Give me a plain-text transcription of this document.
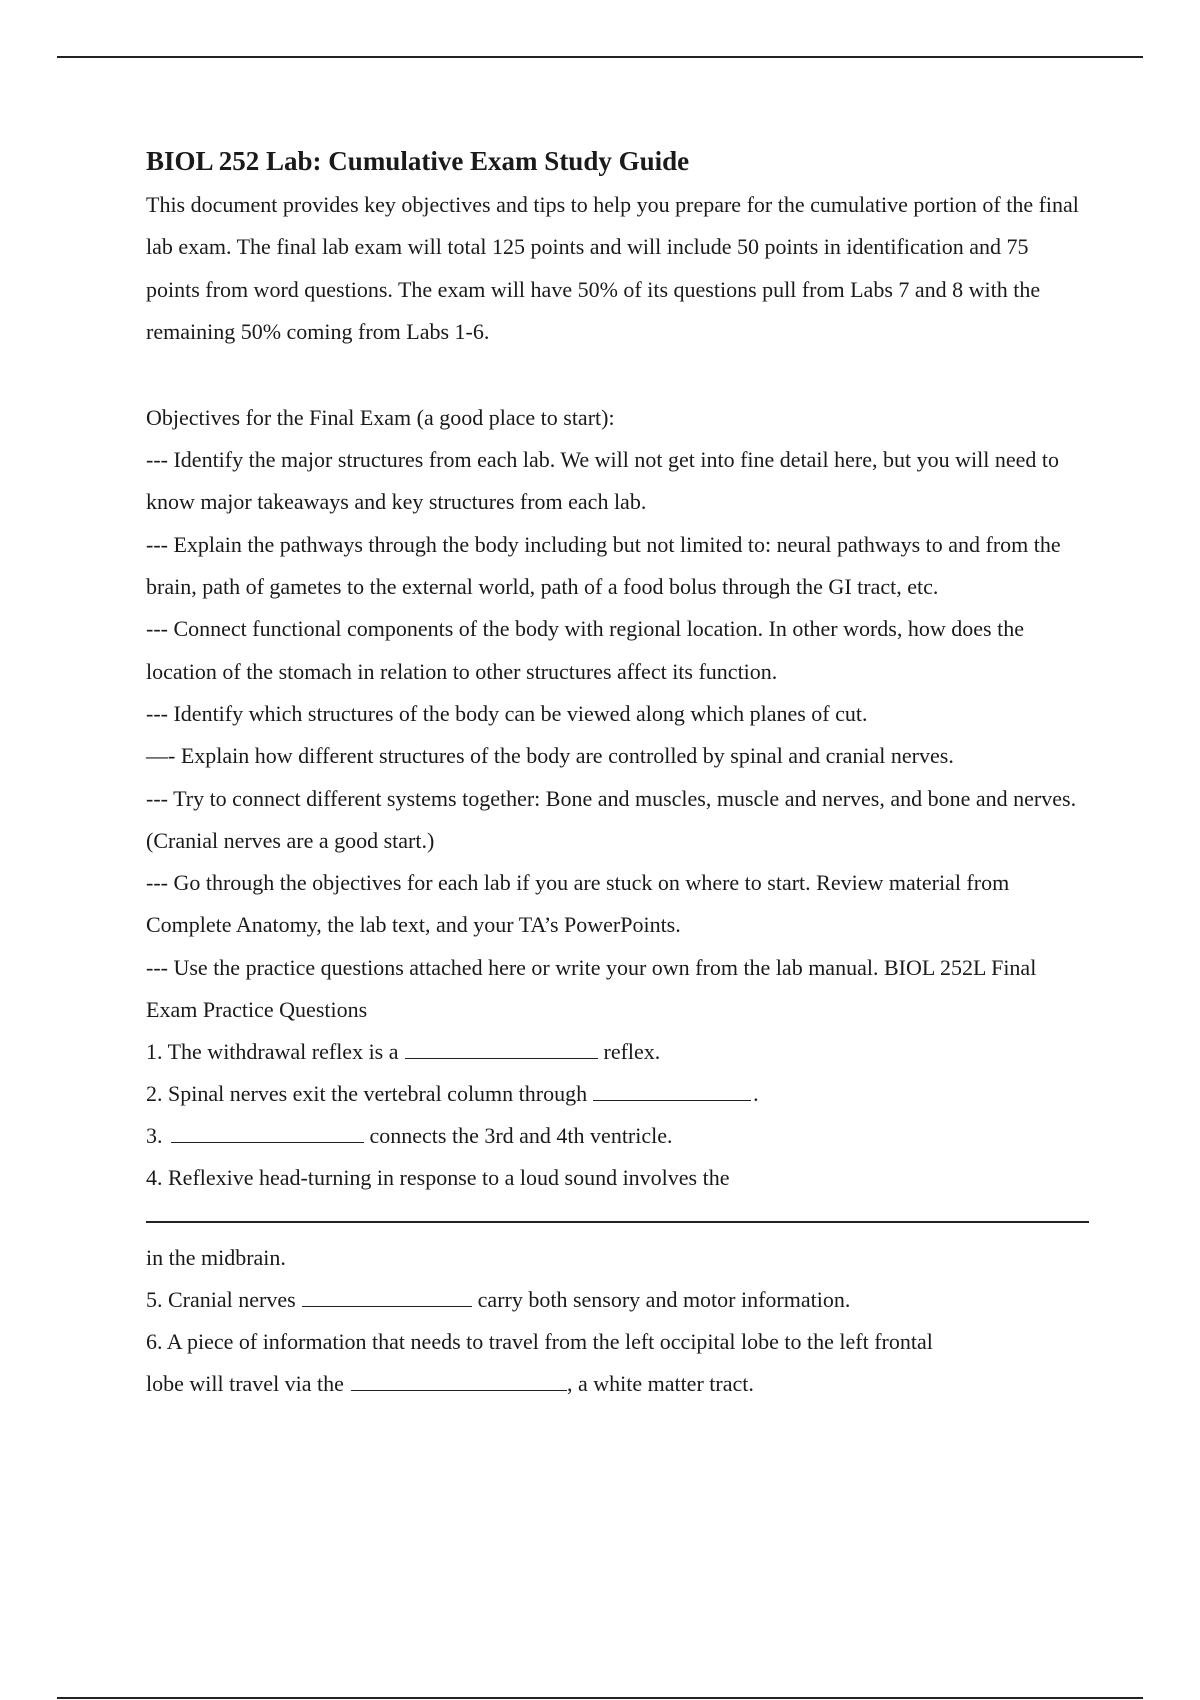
BIOL 252 Lab: Cumulative Exam Study Guide

This document provides key objectives and tips to help you prepare for the cumulative portion of the final lab exam. The final lab exam will total 125 points and will include 50 points in identification and 75 points from word questions. The exam will have 50% of its questions pull from Labs 7 and 8 with the remaining 50% coming from Labs 1-6.

Objectives for the Final Exam (a good place to start):

--- Identify the major structures from each lab. We will not get into fine detail here, but you will need to know major takeaways and key structures from each lab.

--- Explain the pathways through the body including but not limited to: neural pathways to and from the brain, path of gametes to the external world, path of a food bolus through the GI tract, etc.

--- Connect functional components of the body with regional location. In other words, how does the location of the stomach in relation to other structures affect its function.

--- Identify which structures of the body can be viewed along which planes of cut.

—- Explain how different structures of the body are controlled by spinal and cranial nerves.

--- Try to connect different systems together: Bone and muscles, muscle and nerves, and bone and nerves. (Cranial nerves are a good start.)

--- Go through the objectives for each lab if you are stuck on where to start. Review material from Complete Anatomy, the lab text, and your TA’s PowerPoints.

--- Use the practice questions attached here or write your own from the lab manual. BIOL 252L Final Exam Practice Questions

1. The withdrawal reflex is a	reflex.

2. Spinal nerves exit the vertebral column through	.

3.	connects the 3rd and 4th ventricle.

4. Reflexive head-turning in response to a loud sound involves the

in the midbrain.

5. Cranial nerves	carry both sensory and motor information.

6. A piece of information that needs to travel from the left occipital lobe to the left frontal

lobe will travel via the	, a white matter tract.
